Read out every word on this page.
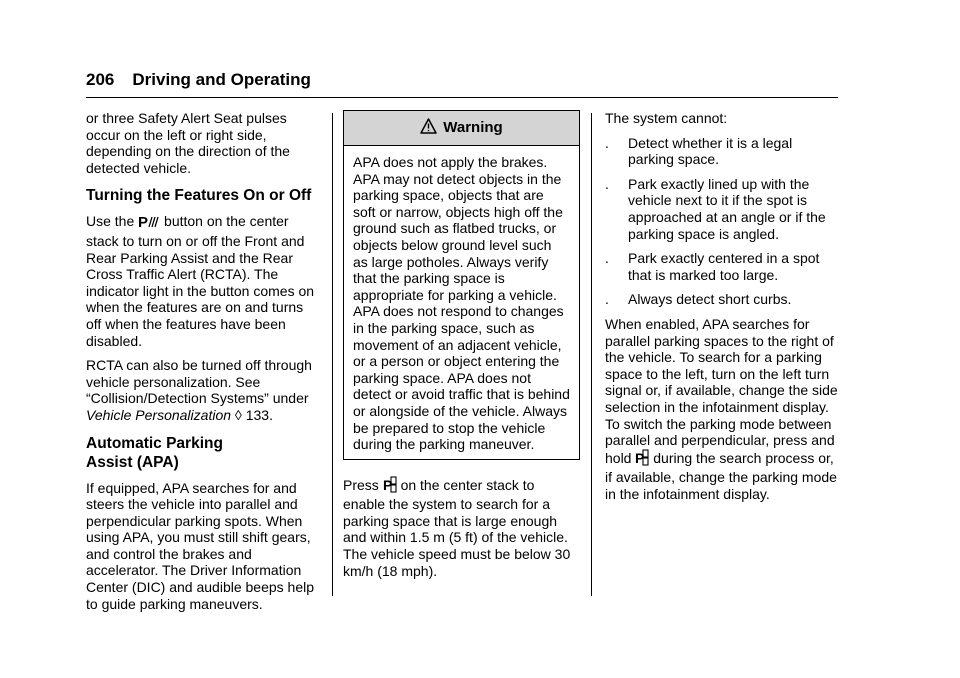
206 Driving and Operating

or three Safety Alert Seat pulses occur on the left or right side, depending on the direction of the detected vehicle.

Turning the Features On or Off

Use the P button on the center stack to turn on or off the Front and Rear Parking Assist and the Rear Cross Traffic Alert (RCTA). The indicator light in the button comes on when the features are on and turns off when the features have been disabled.

RCTA can also be turned off through vehicle personalization. See “Collision/Detection Systems” under Vehicle Personalization ◊ 133.

Automatic Parking
Assist (APA)

If equipped, APA searches for and steers the vehicle into parallel and perpendicular parking spots. When using APA, you must still shift gears, and control the brakes and accelerator. The Driver Information Center (DIC) and audible beeps help to guide parking maneuvers.

Warning
APA does not apply the brakes. APA may not detect objects in the parking space, objects that are soft or narrow, objects high off the ground such as flatbed trucks, or objects below ground level such as large potholes. Always verify that the parking space is appropriate for parking a vehicle. APA does not respond to changes in the parking space, such as movement of an adjacent vehicle, or a person or object entering the parking space. APA does not detect or avoid traffic that is behind or alongside of the vehicle. Always be prepared to stop the vehicle during the parking maneuver.

Press P on the center stack to enable the system to search for a parking space that is large enough and within 1.5 m (5 ft) of the vehicle. The vehicle speed must be below 30 km/h (18 mph).

The system cannot:

.	Detect whether it is a legal parking space.
.	Park exactly lined up with the vehicle next to it if the spot is approached at an angle or if the parking space is angled.
.	Park exactly centered in a spot that is marked too large.
.	Always detect short curbs.

When enabled, APA searches for parallel parking spaces to the right of the vehicle. To search for a parking space to the left, turn on the left turn signal or, if available, change the side selection in the infotainment display. To switch the parking mode between parallel and perpendicular, press and hold P during the search process or, if available, change the parking mode in the infotainment display.
